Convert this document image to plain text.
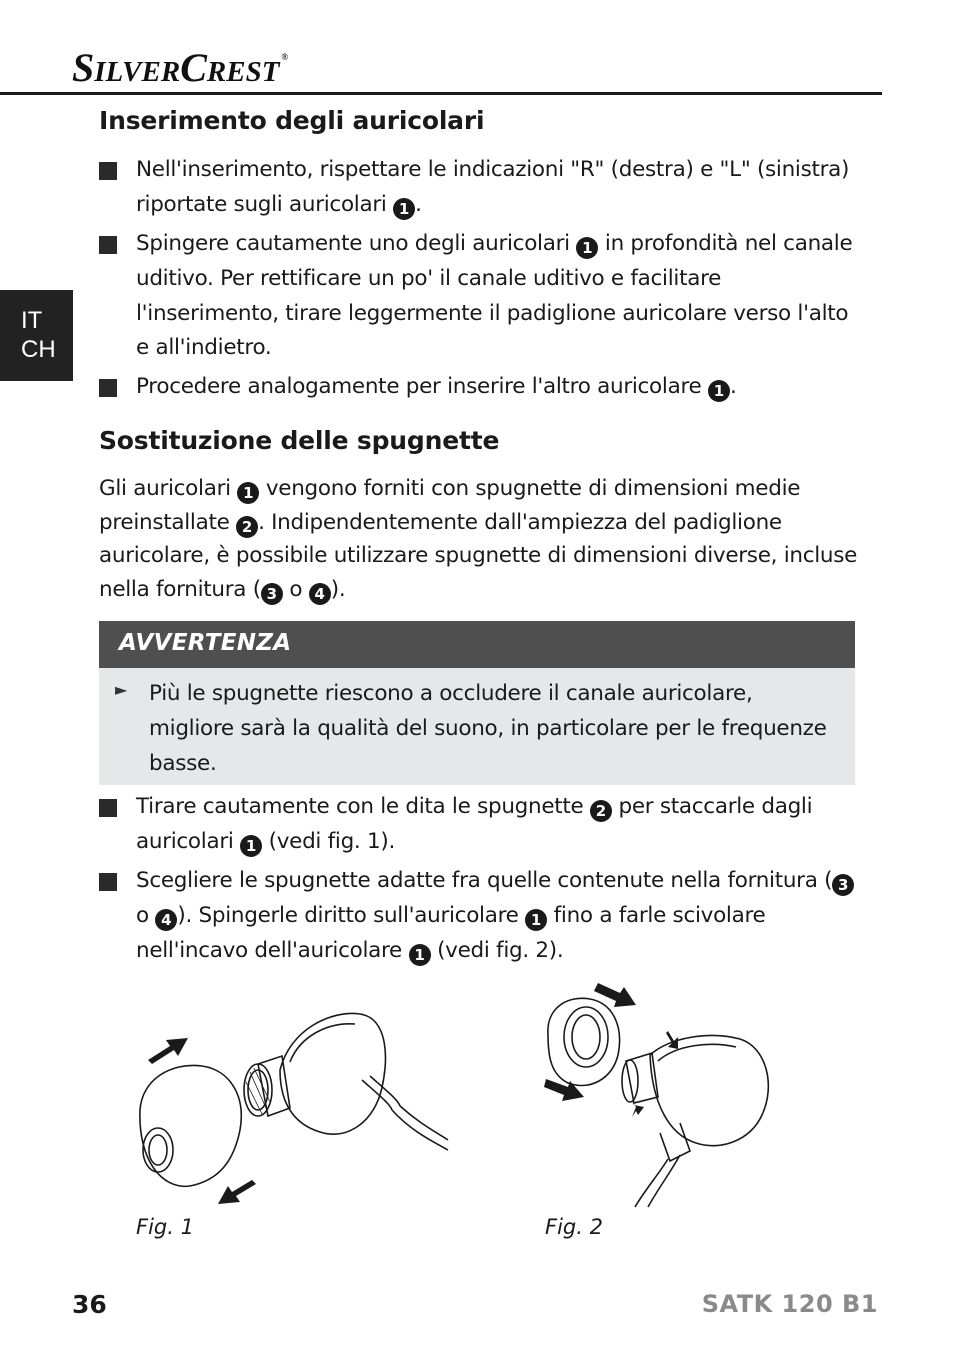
SILVERCREST ®
IT
CH
Inserimento degli auricolari
Nell'inserimento, rispettare le indicazioni "R" (destra) e "L" (sinistra) riportate sugli auricolari 1 .
Spingere cautamente uno degli auricolari 1 in profondità nel canale uditivo. Per rettificare un po' il canale uditivo e facilitare l'inserimento, tirare leggermente il padiglione auricolare verso l'alto e all'indietro.
Procedere analogamente per inserire l'altro auricolare 1 .
Sostituzione delle spugnette
Gli auricolari 1 vengono forniti con spugnette di dimensioni medie preinstallate 2 . Indipendentemente dall'ampiezza del padiglione auricolare, è possibile utilizzare spugnette di dimensioni diverse, incluse nella fornitura ( 3 o 4 ).
AVVERTENZA
► Più le spugnette riescono a occludere il canale auricolare, migliore sarà la qualità del suono, in particolare per le frequenze basse.
Tirare cautamente con le dita le spugnette 2 per staccarle dagli auricolari 1 (vedi fig. 1).
Scegliere le spugnette adatte fra quelle contenute nella fornitura ( 3 o 4 ). Spingerle diritto sull'auricolare 1 fino a farle scivolare nell'incavo dell'auricolare 1 (vedi fig. 2).
Fig. 1	Fig. 2
36	SATK 120 B1
